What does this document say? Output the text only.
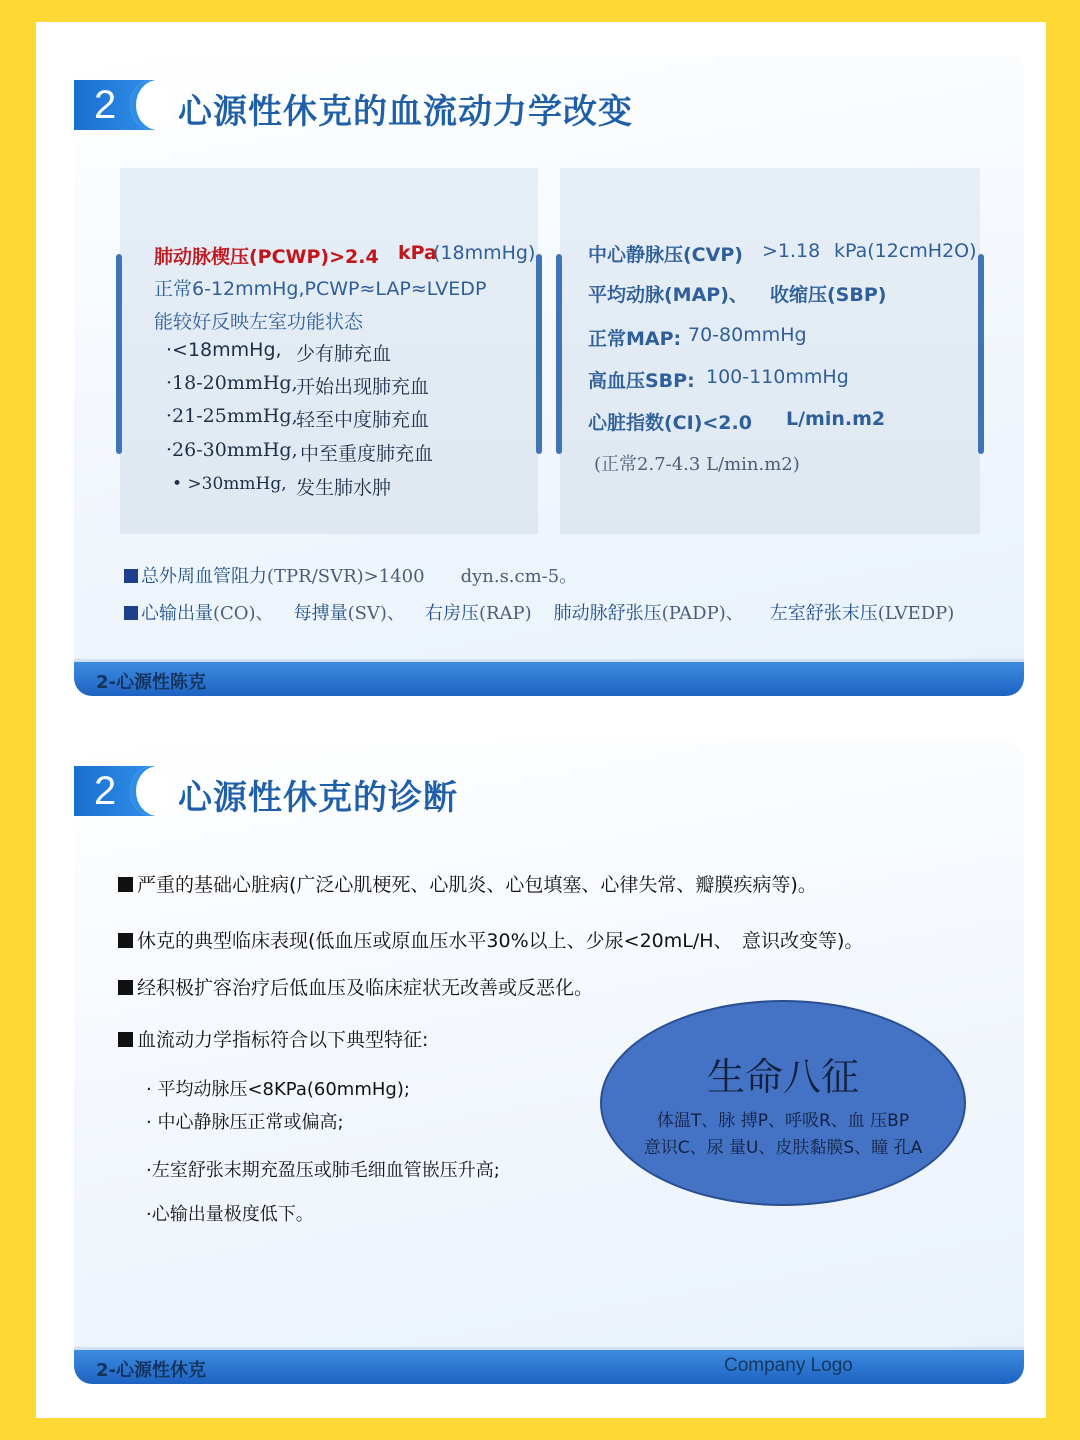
2	心源性休克的血流动力学改变
肺动脉楔压(PCWP)>2.4 kPa
(18mmHg)
正常6-12mmHg,PCWP≈LAP≈LVEDP
能较好反映左室功能状态
·<18mmHg, 少有肺充血
·18-20mmHg,
开始出现肺充血
·21-25mmHg,
轻至中度肺充血
·26-30mmHg, 中至重度肺充血
• >30mmHg, 发生肺水肿
中心静脉压(CVP) >1.18 kPa(12cmH2O)
平均动脉(MAP)、 收缩压(SBP)
正常MAP: 70-80mmHg
高血压SBP: 100-110mmHg
心脏指数(CI)<2.0 L/min.m2
(正常2.7-4.3 L/min.m2)
总外周血管阻力(TPR/SVR)>1400 dyn.s.cm-5。
心输出量(CO)、 每搏量(SV)、 右房压(RAP) 肺动脉舒张压(PADP)、 左室舒张末压(LVEDP)
2-心源性陈克
2	心源性休克的诊断
严重的基础心脏病(广泛心肌梗死、心肌炎、心包填塞、心律失常、瓣膜疾病等)。
休克的典型临床表现(低血压或原血压水平30%以上、少尿<20mL/H、　意识改变等)。
经积极扩容治疗后低血压及临床症状无改善或反恶化。
血流动力学指标符合以下典型特征:
· 平均动脉压<8KPa(60mmHg);
· 中心静脉压正常或偏高;
·左室舒张末期充盈压或肺毛细血管嵌压升高;
·心输出量极度低下。
生命八征
体温T、脉 搏P、呼吸R、血 压BP
意识C、尿 量U、皮肤黏膜S、瞳 孔A
2-心源性休克	Company Logo
